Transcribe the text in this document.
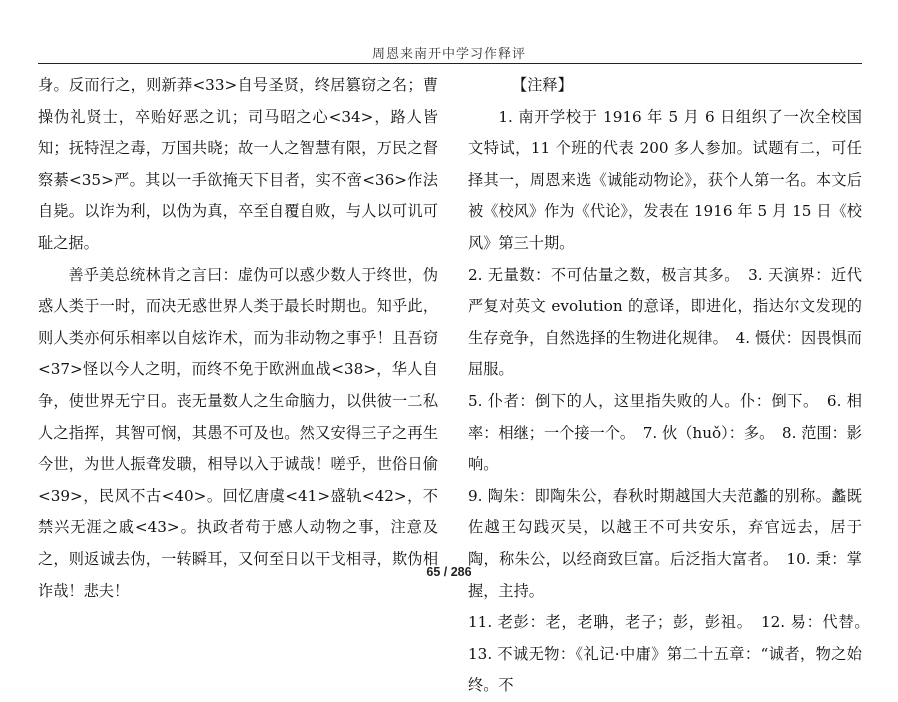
周恩来南开中学习作释评

身。反而行之，则新莽<33>自号圣贤，终居篡窃之名；曹操伪礼贤士，卒贻好恶之讥；司马昭之心<34>，路人皆知；抚特涅之毒，万国共晓；故一人之智慧有限，万民之督察綦<35>严。其以一手欲掩天下目者，实不啻<36>作法自毙。以诈为利，以伪为真，卒至自覆自败，与人以可讥可耻之据。

善乎美总统林肯之言曰：虚伪可以惑少数人于终世，伪惑人类于一时，而决无惑世界人类于最长时期也。知乎此，则人类亦何乐相率以自炫诈术，而为非动物之事乎！且吾窃<37>怪以今人之明，而终不免于欧洲血战<38>，华人自争，使世界无宁日。丧无量数人之生命脑力，以供彼一二私人之指挥，其智可悯，其愚不可及也。然又安得三子之再生今世，为世人振聋发聩，相导以入于诚哉！嗟乎，世俗日偷<39>，民风不古<40>。回忆唐虞<41>盛轨<42>，不禁兴无涯之戚<43>。执政者苟于感人动物之事，注意及之，则返诚去伪，一转瞬耳，又何至日以干戈相寻，欺伪相诈哉！悲夫！

【注释】

1. 南开学校于 1916 年 5 月 6 日组织了一次全校国文特试，11 个班的代表 200 多人参加。试题有二，可任择其一，周恩来选《诚能动物论》，获个人第一名。本文后被《校风》作为《代论》，发表在 1916 年 5 月 15 日《校风》第三十期。

2. 无量数：不可估量之数，极言其多。　3. 天演界：近代严复对英文 evolution 的意译，即进化，指达尔文发现的生存竞争，自然选择的生物进化规律。　4. 慑伏：因畏惧而屈服。

5. 仆者：倒下的人，这里指失败的人。仆：倒下。　6. 相率：相继；一个接一个。　7. 伙（huǒ）：多。　8. 范围：影响。

9. 陶朱：即陶朱公，春秋时期越国大夫范蠡的别称。蠡既佐越王勾践灭吴，以越王不可共安乐，弃官远去，居于陶，称朱公，以经商致巨富。后泛指大富者。　10. 秉：掌握，主持。

11. 老彭：老，老聃，老子；彭，彭祖。　12. 易：代替。　13. 不诚无物：《礼记·中庸》第二十五章：“诚者，物之始终。不

65 / 286
